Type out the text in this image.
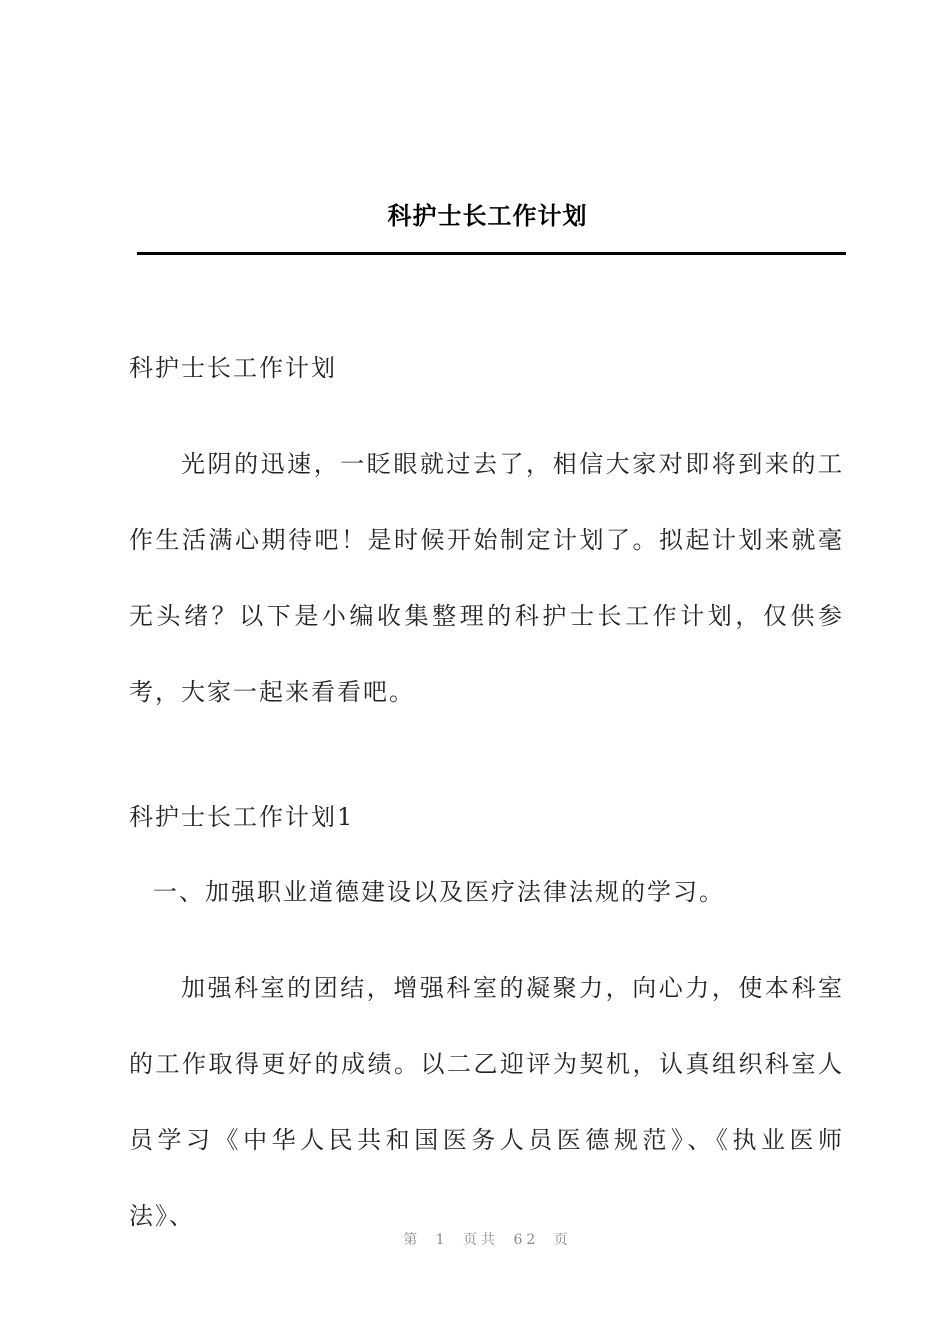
科护士长工作计划
科护士长工作计划
光阴的迅速，一眨眼就过去了，相信大家对即将到来的工作生活满心期待吧！是时候开始制定计划了。拟起计划来就毫无头绪？以下是小编收集整理的科护士长工作计划，仅供参考，大家一起来看看吧。
科护士长工作计划1
一、加强职业道德建设以及医疗法律法规的学习。
加强科室的团结，增强科室的凝聚力，向心力，使本科室的工作取得更好的成绩。以二乙迎评为契机，认真组织科室人员学习《中华人民共和国医务人员医德规范》、《执业医师法》、
第 1 页共 62 页
